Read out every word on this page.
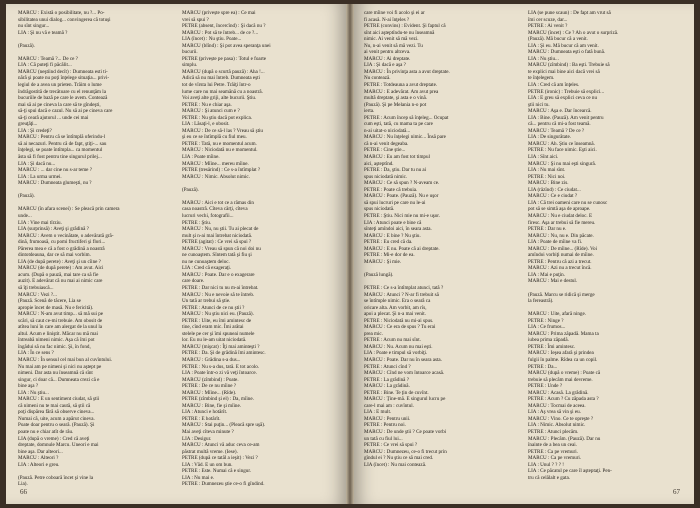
MARCU : Există o posibilitate, nu ?... Po-
sibilitatea unui dialog... convingerea că totuşi
nu sînt singur...
LIA : Şi nu vă e teamă ?

(Pauză).

MARCU : Teamă ?... De ce ?
LIA : Că puteţi fi păcălit...
MARCU (neştiind decît) : Dumneata esti ti-
nără şi poate nu poţi înţelege situaţia... privi-
legiul de a avea un prieten. Trăim o lume
îndrăgostită de trecătoare cu el renunţăm la
bucuriile de bază pe care le avem. Contează
mai să ai pe cineva la care să te gîndeşti,
să-ţi spui dacă e cazul. Nu să ai pe cineva care
să-ţi ceară ajutorul ... unde cei mai
greuţăţi...
LIA : Şi credeţi?
MARCU : Pentru că se întîmplă oferindu-l
să ai necazuri. Pentru că de fapt, ştiţi-... sau
înţelegi, se poate întîmpla... ca momentul
ăsta să fi fost pentru tine singurul prilej...
LIA : Şi dacă nu...
MARCU : ... dar cine nu s-ar teme ?
LIA : La urma urmei.
MARCU : Dumneata glumeşti, nu ?

(Pauză).

MARCU (în afara scenei) : Se pleacă prin camera
unde...
LIA : Vine mai tîrziu.
LIA (surprinsă) : Aveţi şi grădină ?
MARCU : Avem o vecinătate, o adevărată gră-
dină, frumoasă, cu pomi fructiferi şi flori...
Părerea mea e că a fost o grădină a noastră
dintotdeauna, dar ce să mai vorbim.
LIA (de după perete) : Aveţi şi un cîine ?
MARCU (de după perete) : Am avut. Aici
acum. (După o pauză, mai tare ca să fie
auzit). E adevărat că nu mai ai nimic care
să îţi trebuiască...
MARCU : Vezi ?...
(Pauză. Scenă de tăcere, Lia se
apropie încet de masă. Nu e fericită).
MARCU : N-am avut timp... să mă sui pe
scări, să caut ce-mi trebuie. Am obosit de
atîtea luni în care am alergat de la unul la
altul. Acum e liniştit. Măcar nu mă mai
întreabă nimeni nimic. Aşa că îmi pot
îngădui să nu fac nimic. Şi, în fond,
LIA : În ce sens ?
MARCU : În sensul cel mai bun al cuvîntului.
Nu mai am pe nimeni şi nici nu aştept pe
nimeni. Dar asta nu înseamnă că sînt
singur, ci doar că... Dumneata crezi că e
bine aşa ?
LIA : Nu ştiu...
MARCU : E un sentiment ciudat, să ştii
că nimeni nu te mai caută, să ştii că
poţi dispărea fără să observe cineva...
Numai că, uite, acum a apărut cineva.
Poate doar pentru o seară. (Pauză). Şi
poate nu e chiar atît de rău.
LIA (după o vreme) : Cred că aveţi
dreptate, domnule Marcu. Uneori e mai
bine aşa. Dar alteori...
MARCU : Alteori ?
LIA : Alteori e greu.

(Pauză. Petre coboară încet şi vine la
Lia).
MARCU (privește spre ea) : Ce mai
vrei să spui ?
PETRE (absent, încercînd) : Şi dacă nu ?
MARCU : Pot să te întreb... de ce ?...
LIA (încet) : Nu ştiu. Poate...
MARCU (blînd) : Şi pot avea speranţa unei
bucurii.
PETRE (privește pe pasa) : Totul e foarte
simplu.
MARCU (după o scurtă pauză) : Aha !...
Adică să nu mai întreb. Dumneata eşti
tot de vîrsta lui Petre. Trăiţi într-o
lume care nu mai seamănă cu a noastră.
Voi aveţi alte griji, alte bucurii. Ştiu.
PETRE : Nu e chiar aşa.
MARCU : Şi atunci cum e ?
PETRE : Nu ştiu dacă pot explica.
LIA : Lăsaţi-l, e obosit.
MARCU : De ce să-l las ? Vreau să ştiu
şi eu ce se întîmplă cu fiul meu.
PETRE : Tată, nu e momentul acum.
MARCU : Niciodată nu e momentul.
LIA : Poate mîine.
MARCU : Mîine... mereu mîine.
PETRE (tresărind) : Ce s-a întîmplat ?
MARCU : Nimic. Absolut nimic.

(Pauză).

MARCU : Aici e tot ce a rămas din
casa noastră. Cîteva cărţi, cîteva
lucruri vechi, fotografii...
PETRE : Ştiu.
MARCU : Nu, nu ştii. Tu ai plecat de
mult şi n-ai mai întrebat niciodată.
PETRE (agitat) : Ce vrei să spui ?
MARCU : Vreau să spun că noi doi nu
ne cunoaştem. Sîntem tată şi fiu şi
nu ne cunoaştem deloc.
LIA : Cred că exageraţi.
MARCU : Poate. Dar e o exagerare
care doare.
PETRE : Dar nici tu nu m-ai întrebat.
MARCU : Nu e nevoie să te întreb.
Un tată ar trebui să ştie.
PETRE : Atunci de ce nu ştii ?
MARCU : Nu ştiu nici eu. (Pauză).
PETRE : Uite, eu îmi amintesc de
tine, cînd eram mic. Îmi arătai
stelele pe cer şi îmi spuneai numele
lor. Eu nu le-am uitat niciodată.
MARCU (mişcat) : Îţi mai aminteşti ?
PETRE : Da. Şi de grădină îmi amintesc.
MARCU : Grădina s-a dus...
PETRE : Nu s-a dus, tată. E tot acolo.
LIA : Poate într-o zi vă veţi întoarce.
MARCU (zîmbind) : Poate.
PETRE : De ce nu mîine ?
MARCU : Mîine... (Rîde).
PETRE (zîmbind şi el) : Da, mîine.
MARCU : Bine, fie şi mîine.
LIA : Atunci e hotărît.
PETRE : E hotărît.
MARCU : Stai puţin... (Pleacă spre uşă).
Mai aveţi cîteva minute ?
LIA : Desigur.
MARCU : Atunci vă aduc ceva ce-am
păstrat multă vreme. (Iese).
PETRE (după ce tatăl a ieşit) : Vezi ?
LIA : Văd. E un om bun.
PETRE : Este. Numai că e singur.
LIA : Nu mai e.
PETRE : Dumnezeu ştie ce-o fi gîndind.
66
care mîine voi fi acolo şi ei ar
fi acasă. N-ai înţeles ?
PETRE (convins) : Evident. Şi faptul că
sînt aici aşteptîndu-te nu înseamnă
nimic. Ai venit să mă vezi.
Nu, n-ai venit să mă vezi. Tu
ai venit pentru altceva.
MARCU : Ai dreptate.
LIA : Şi dacă e aşa ?
MARCU : În privinţa asta a avut dreptate.
Nu contează.
PETRE : Totdeauna a avut dreptate.
MARCU : E adevărat. Am avut prea
multă dreptate, şi asta e o vină.
(Pauză). Şi pe Melania n-o pot
ierta.
PETRE : Acum încep să înţeleg... Ocupat
cum eşti, tată, cu mama ta pe care
n-ai uitat-o niciodată...
MARCU : Nu înţelegi nimic... Însă pare
că n-ai venit degeaba.
PETRE : Cine ştie...
MARCU : Eu am fost tot timpul
aici, aşteptînd.
PETRE : Da, ştiu. Dar tu nu ai
spus niciodată nimic.
MARCU : Ce să spun ? N-aveam ce.
PETRE : Poate că trebuia.
MARCU : Poate. (Pauză). Nu e uşor
să spui lucruri pe care nu le-ai
spus niciodată.
PETRE : Ştiu. Nici mie nu mi-e uşor.
LIA : Atunci poate e bine că
sînteţi amîndoi aici, în seara asta.
MARCU : E bine ? Nu ştiu.
PETRE : Eu cred că da.
MARCU : E nu. Poate că ai dreptate.
PETRE : Mi-e dor de ea.
MARCU : Şi mie.

(Pauză lungă).

PETRE : Ce s-a întîmplat atunci, tată ?
MARCU : Atunci ? N-ar fi trebuit să
se întîmple nimic. Era o seară ca
oricare alta. Am vorbit, am rîs,
apoi a plecat. Şi n-a mai venit.
PETRE : Niciodată nu mi-ai spus.
MARCU : Ce era de spus ? Tu erai
prea mic.
PETRE : Acum nu mai sînt.
MARCU : Nu. Acum nu mai eşti.
LIA : Poate e timpul să vorbiţi.
MARCU : Poate. Dar nu în seara asta.
PETRE : Atunci cînd ?
MARCU : Cînd ne vom întoarce acasă.
PETRE : La grădină ?
MARCU : La grădină.
PETRE : Bine. Te ţin de cuvînt.
MARCU : Ţine-mă. E singurul lucru pe
care-l mai am : cuvîntul.
LIA : E mult.
MARCU : Pentru unii.
PETRE : Pentru noi.
MARCU : De unde ştii ? Ce poate vorbi
un tată cu fiul lui...
PETRE : Ce vrei să spui ?
MARCU : Dumnezeu, ce-o fi trecut prin
gîndul ei ? Nu ştiu ce să mai cred.
LIA (încet) : Nu mai contează.
LIA (se pune scaun) : De fapt am vrut să
îmi cer scuze, dar...
PETRE : Ai venit ?
MARCU (încet) : Ce ? Ah o avut o surpriză.
(Pauză). Mă bucur că a venit.
LIA : Şi eu. Mă bucur că am venit.
MARCU : Dumneata eşti o fată bună.
LIA : Nu ştiu...
MARCU (zîmbind) : Ba eşti. Trebuie să
te explici mai bine aici dacă vrei să
te înţelegem.
LIA : Cred că am înţeles.
PETRE (ironic) : Trebuie să explici...
LIA : E greu să explici ceva ce nu
ştii nici tu.
MARCU : Aşa e. Dar încearcă.
LIA : Bine. (Pauză). Am venit pentru
că... pentru că mi-a fost teamă.
MARCU : Teamă ? De ce ?
LIA : De singurătate.
MARCU : Ah. Ştiu ce înseamnă.
PETRE : Nu face nimic. Eşti aici.
LIA : Sînt aici.
MARCU : Şi nu mai eşti singură.
LIA : Nu mai sînt.
PETRE : Nici noi.
MARCU : Bine zis.
LIA (râzînd) : Ce ciudat...
MARCU : Ce e ciudat ?
LIA : Că trei oameni care nu se cunosc
pot să se simtă aşa de aproape.
MARCU : Nu e ciudat deloc. E
firesc. Aşa ar trebui să fie mereu.
PETRE : Dar nu e.
MARCU : Nu, nu e. Din păcate.
LIA : Poate de mîine va fi.
MARCU : De mîine... (Rîde). Voi
amîndoi vorbiţi numai de mîine.
PETRE : Pentru că azi a trecut.
MARCU : Azi nu a trecut încă.
LIA : Mai e puţin.
MARCU : Mai e destul.

(Pauză. Marcu se ridică şi merge
la fereastră).

MARCU : Uite, afară ninge.
PETRE : Ninge ?
LIA : Ce frumos...
MARCU : Prima zăpadă. Mama ta
iubea prima zăpadă.
PETRE : Îmi amintesc.
MARCU : Ieşea afară şi prindea
fulgii în palme. Rîdea ca un copil.
PETRE : Da...
MARCU (după o vreme) : Poate că
trebuie să plecăm mai devreme.
PETRE : Unde ?
MARCU : Acasă. La grădină.
PETRE : Acum ? Cu zăpada asta ?
MARCU : Tocmai de aceea.
LIA : Aş vrea să vin şi eu.
MARCU : Vino. Ce te opreşte ?
LIA : Nimic. Absolut nimic.
PETRE : Atunci plecăm.
MARCU : Plecăm. (Pauză). Dar nu
înainte de a bea un ceai.
PETRE : Ca pe vremuri.
MARCU : Ca pe vremuri.
LIA : Unul ? ? ? !
LIA : Ce păcatul pe care îl aşteptaţi. Pen-
tru că celălalt e gata.
67
